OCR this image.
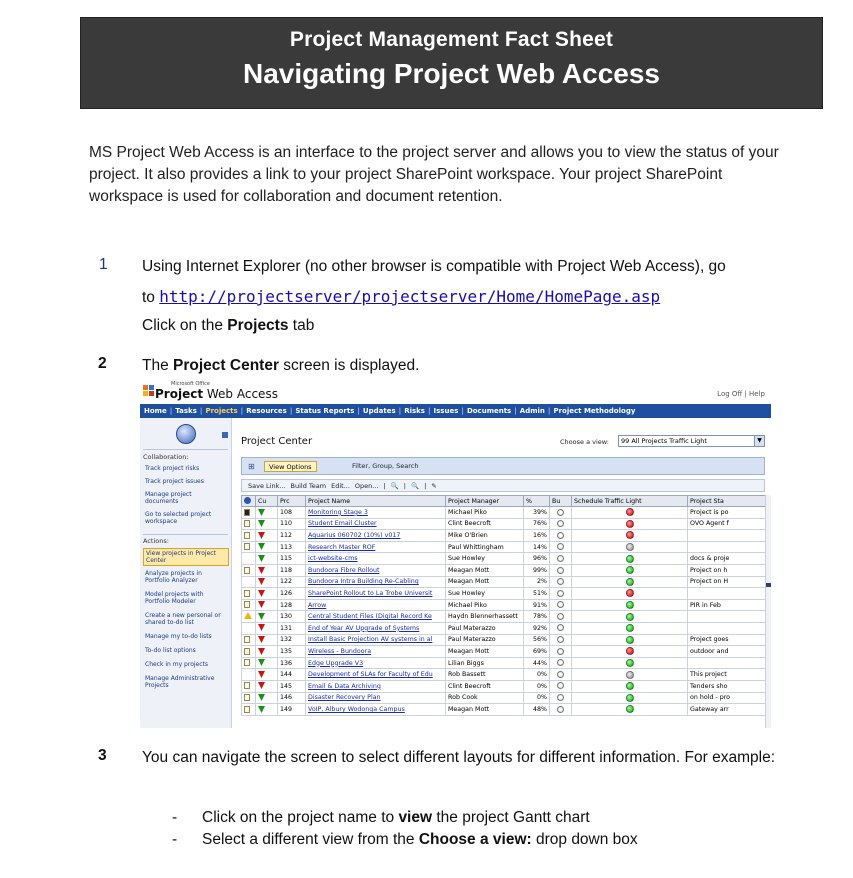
Project Management Fact Sheet
Navigating Project Web Access
MS Project Web Access is an interface to the project server and allows you to view the status of your project. It also provides a link to your project SharePoint workspace. Your project SharePoint workspace is used for collaboration and document retention.
1 Using Internet Explorer (no other browser is compatible with Project Web Access), go
to http://projectserver/projectserver/Home/HomePage.asp
Click on the Projects tab
2 The Project Center screen is displayed.
Microsoft Office
Project Web Access	Log Off | Help
Home | Tasks | Projects | Resources | Status Reports | Updates | Risks | Issues | Documents | Admin | Project Methodology
Collaboration:
Track project risks
Track project issues
Manage project documents
Go to selected project workspace
Actions:
View projects in Project Center
Analyze projects in Portfolio Analyzer
Model projects with Portfolio Modeler
Create a new personal or shared to-do list
Manage my to-do lists
To-do list options
Check in my projects
Manage Administrative Projects
Project Center	Choose a view:	99 All Projects Traffic Light	▼
⊞	View Options	Filter, Group, Search
Save Link... Build Team Edit... Open... | 🔍 | 🔍 | ✎
	Cu	Prc	Project Name	Project Manager	%	Bu	Schedule Traffic Light	Project Sta
		108	Monitoring Stage 3	Michael Piko	39%			Project is po
		110	Student Email Cluster	Clint Beecroft	76%			OVO Agent f
		112	Aquarius 060702 (10%) v017	Mike O'Brien	16%			
		113	Research Master ROF	Paul Whittingham	14%			
		115	ict-website-cms	Sue Howley	96%			docs & proje
		118	Bundoora Fibre Rollout	Meagan Mott	99%			Project on h
		122	Bundoora Intra Building Re-Cabling	Meagan Mott	2%			Project on H
		126	SharePoint Rollout to La Trobe Universit	Sue Howley	51%			
		128	Arrow	Michael Piko	91%			PIR in Feb
		130	Central Student Files (Digital Record Ke	Haydn Blennerhassett	78%			
		131	End of Year AV Upgrade of Systems	Paul Materazzo	92%			
		132	Install Basic Projection AV systems in al	Paul Materazzo	56%			Project goes
		135	Wireless - Bundoora	Meagan Mott	69%			outdoor and
		136	Edge Upgrade V3	Lilian Biggs	44%			
		144	Development of SLAs for Faculty of Edu	Rob Bassett	0%			This project
		145	Email & Data Archiving	Clint Beecroft	0%			Tenders sho
		146	Disaster Recovery Plan	Rob Cook	0%			on hold - pro
		149	VoIP, Albury Wodonga Campus	Meagan Mott	48%			Gateway arr
3 You can navigate the screen to select different layouts for different information. For example:
- Click on the project name to view the project Gantt chart
- Select a different view from the Choose a view: drop down box
